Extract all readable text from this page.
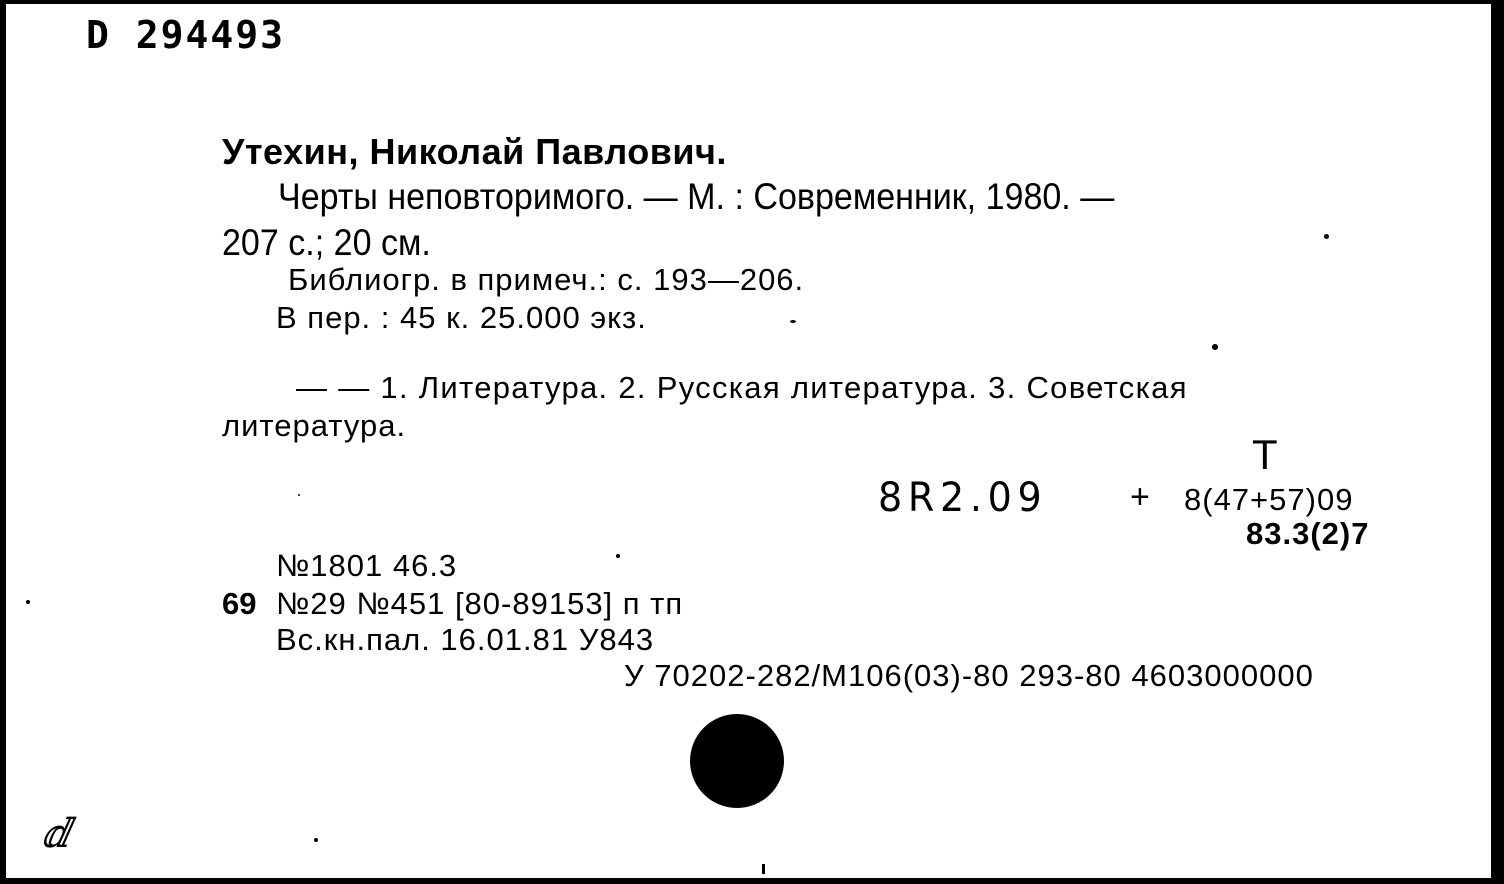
D 294493
Утехин, Николай Павлович.
Черты неповторимого. — М. : Современник, 1980. —
207 с.; 20 см.
Библиогр. в примеч.: с. 193—206.
В пер. : 45 к. 25.000 экз.
— — 1. Литература. 2. Русская литература. 3. Советская
литература.
T
8R2.09 + 8(47+57)09
83.3(2)7
№1801 46.3
69 №29 №451 [80-89153] п тп
Вс.кн.пал. 16.01.81 У843
У 70202-282/М106(03)-80 293-80 4603000000
ⅆ
